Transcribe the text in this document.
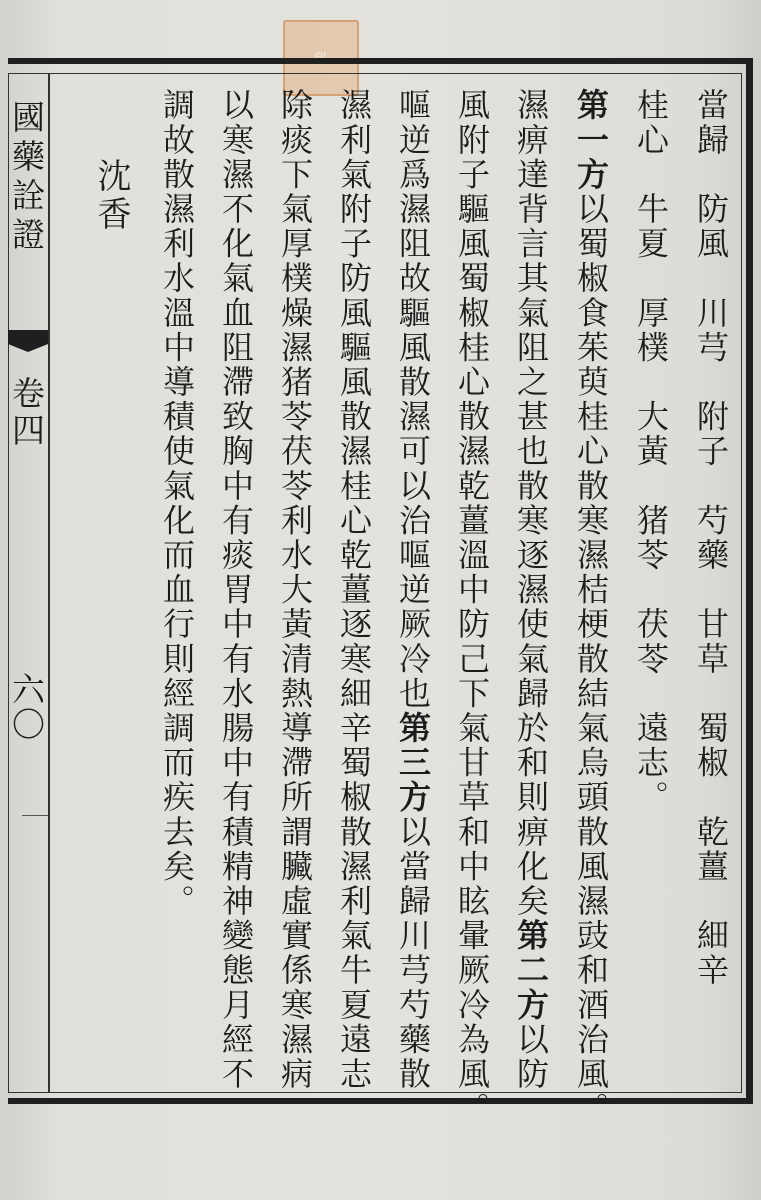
印
國藥詮證
卷四
六〇	當歸　防風　川芎　附子　芍藥　甘草　蜀椒　乾薑　細辛
桂心　牛夏　厚樸　大黃　猪苓　茯苓　遠志。
第一方以蜀椒食茱萸桂心散寒濕桔梗散結氣烏頭散風濕豉和酒治風。
濕痹達背言其氣阻之甚也散寒逐濕使氣歸於和則痹化矣第二方以防
風附子驅風蜀椒桂心散濕乾薑溫中防己下氣甘草和中眩暈厥冷為風。
嘔逆爲濕阻故驅風散濕可以治嘔逆厥冷也第三方以當歸川芎芍藥散
濕利氣附子防風驅風散濕桂心乾薑逐寒細辛蜀椒散濕利氣牛夏遠志
除痰下氣厚樸燥濕猪苓茯苓利水大黃清熱導滯所謂臟虛實係寒濕病
以寒濕不化氣血阻滯致胸中有痰胃中有水腸中有積精神變態月經不
調故散濕利水溫中導積使氣化而血行則經調而疾去矣。
沈香
